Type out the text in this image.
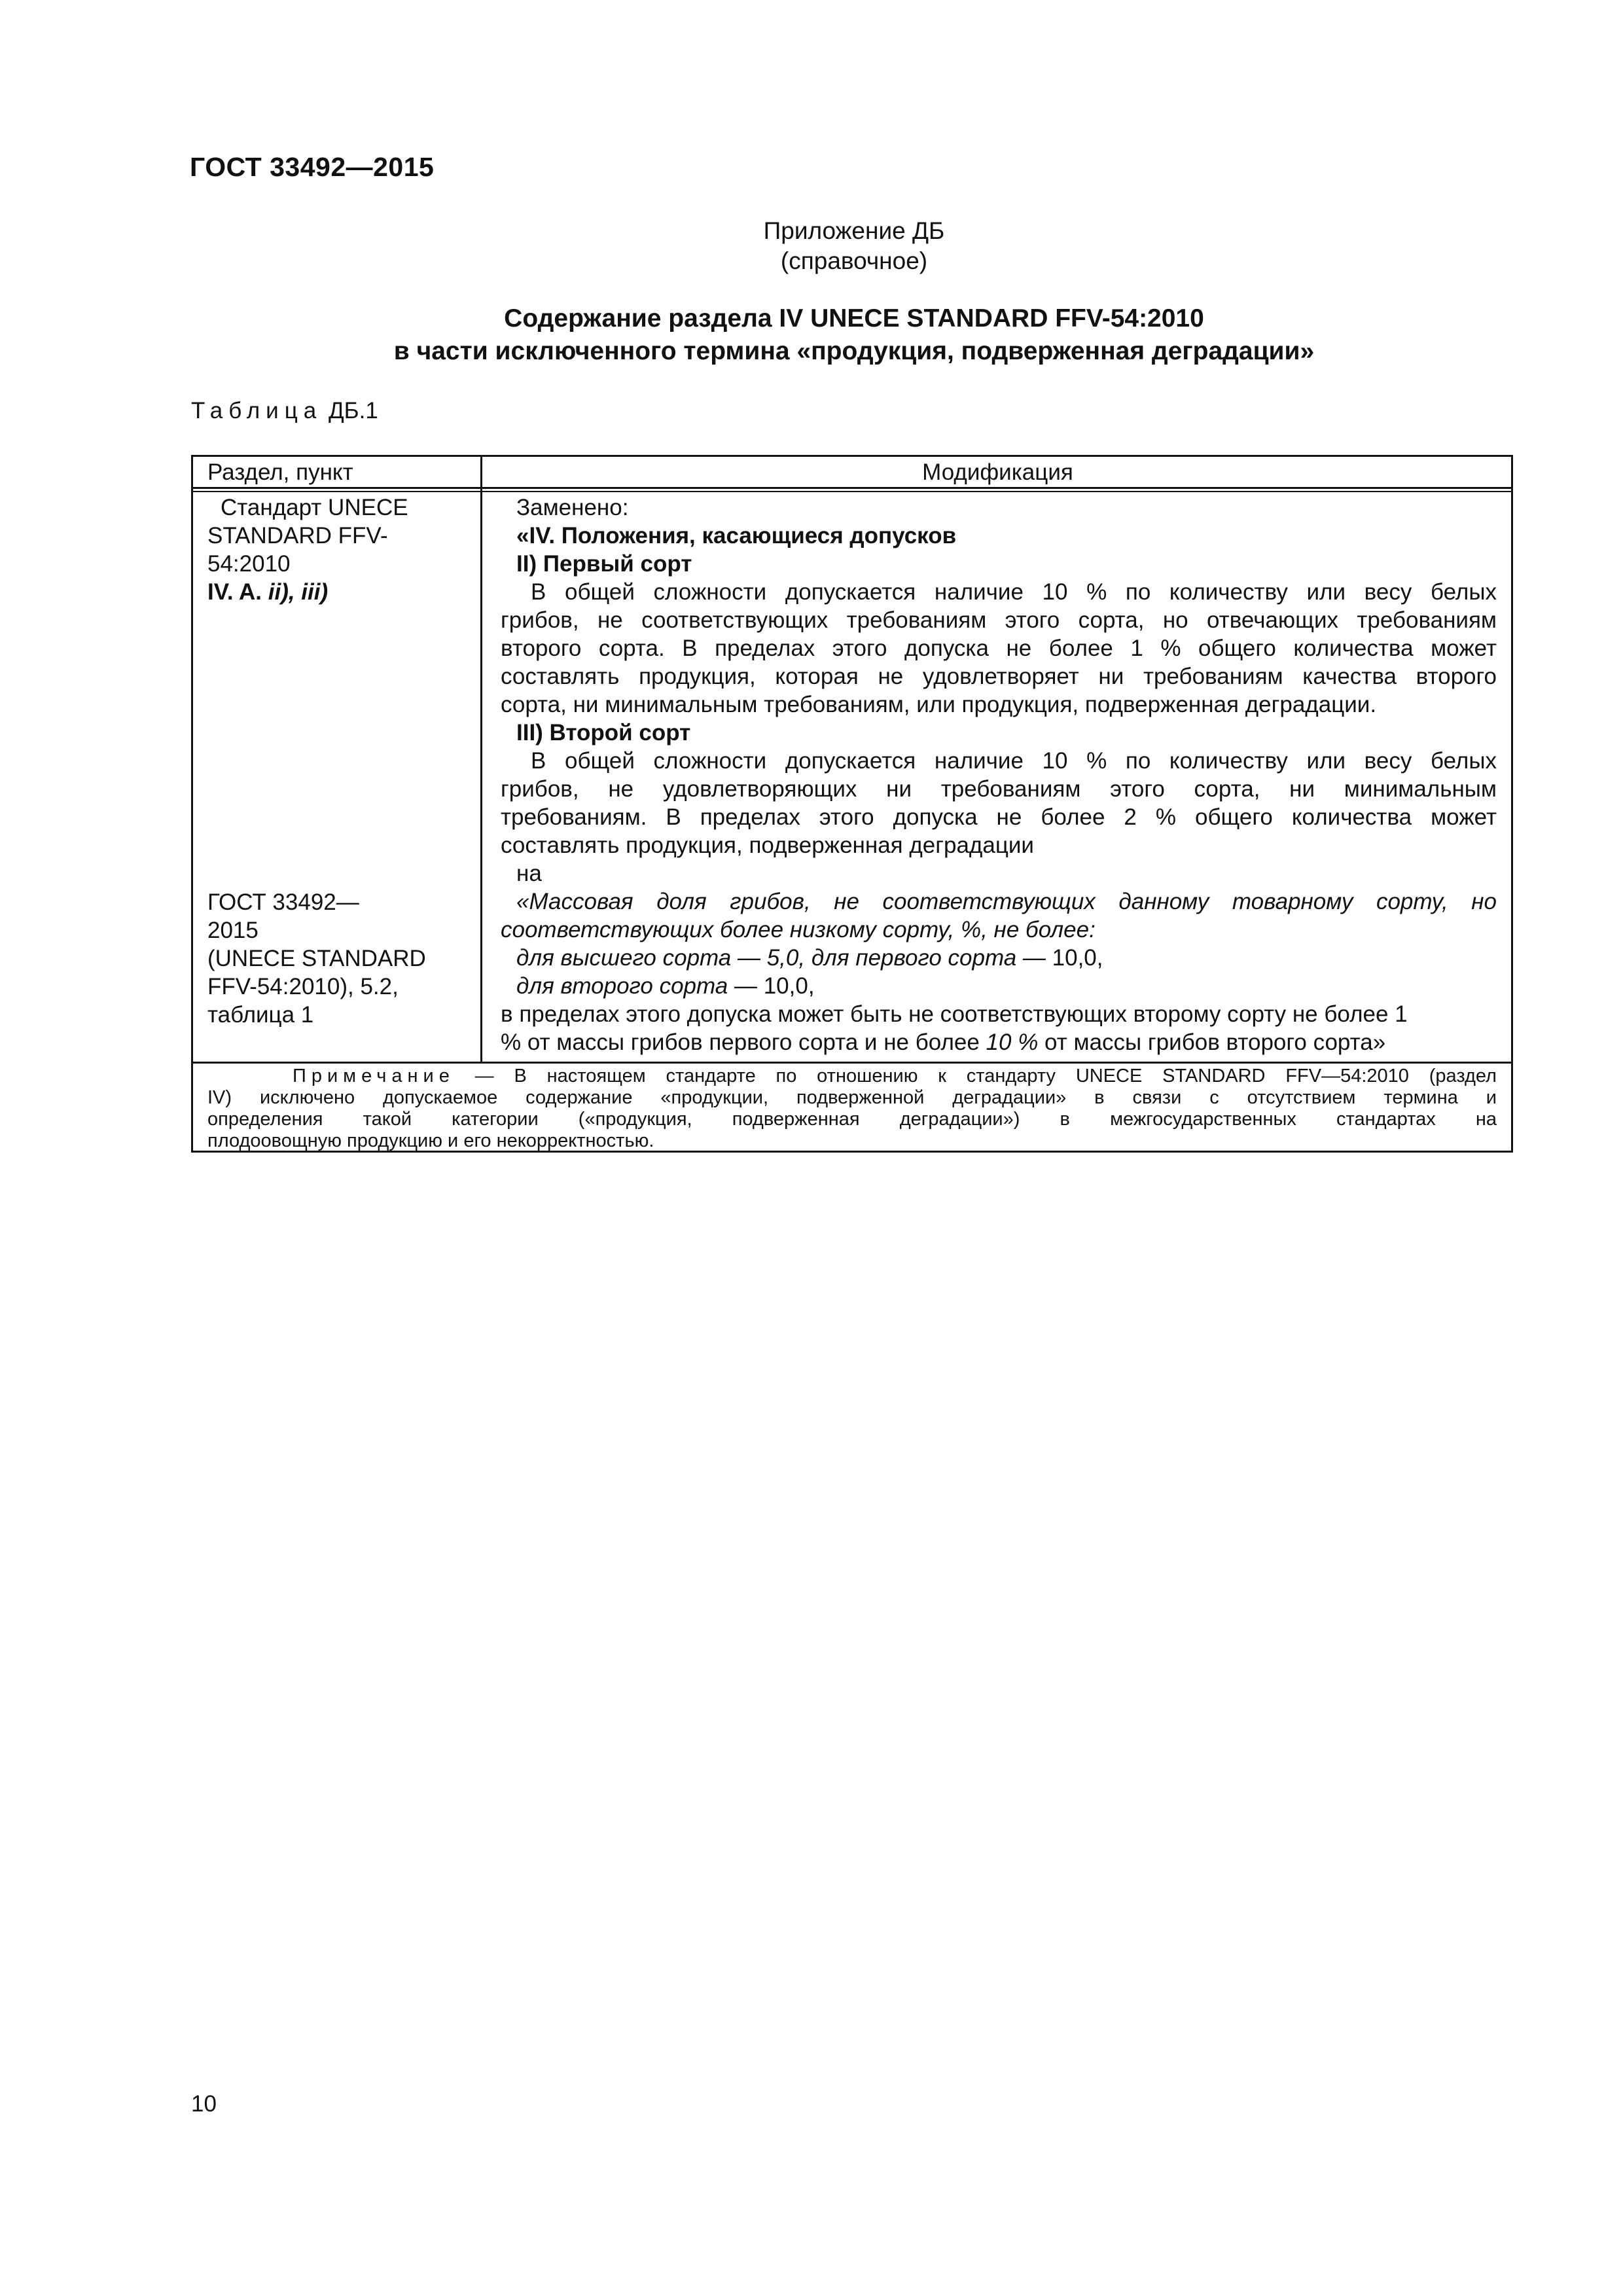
ГОСТ 33492—2015
Приложение ДБ
(справочное)
Содержание раздела IV UNECE STANDARD FFV-54:2010
в части исключенного термина «продукция, подверженная деградации»
Таблица ДБ.1
Раздел, пункт	Модификация
Стандарт UNECE
STANDARD FFV-
54:2010
IV. A. ii), iii)
ГОСТ 33492—
2015
(UNECE STANDARD
FFV-54:2010), 5.2,
таблица 1
Заменено:
«IV. Положения, касающиеся допусков
II) Первый сорт
В общей сложности допускается наличие 10 % по количеству или весу белых
грибов, не соответствующих требованиям этого сорта, но отвечающих требованиям
второго сорта. В пределах этого допуска не более 1 % общего количества может
составлять продукция, которая не удовлетворяет ни требованиям качества второго
сорта, ни минимальным требованиям, или продукция, подверженная деградации.
III) Второй сорт
В общей сложности допускается наличие 10 % по количеству или весу белых
грибов, не удовлетворяющих ни требованиям этого сорта, ни минимальным
требованиям. В пределах этого допуска не более 2 % общего количества может
составлять продукция, подверженная деградации
на
«Массовая доля грибов, не соответствующих данному товарному сорту, но
соответствующих более низкому сорту, %, не более:
для высшего сорта — 5,0, для первого сорта — 10,0,
для второго сорта — 10,0,
в пределах этого допуска может быть не соответствующих второму сорту не более 1
% от массы грибов первого сорта и не более 10 % от массы грибов второго сорта»
Примечание — В настоящем стандарте по отношению к стандарту UNECE STANDARD FFV—54:2010 (раздел
IV) исключено допускаемое содержание «продукции, подверженной деградации» в связи с отсутствием термина и
определения такой категории («продукция, подверженная деградации») в межгосударственных стандартах на
плодоовощную продукцию и его некорректностью.
10
